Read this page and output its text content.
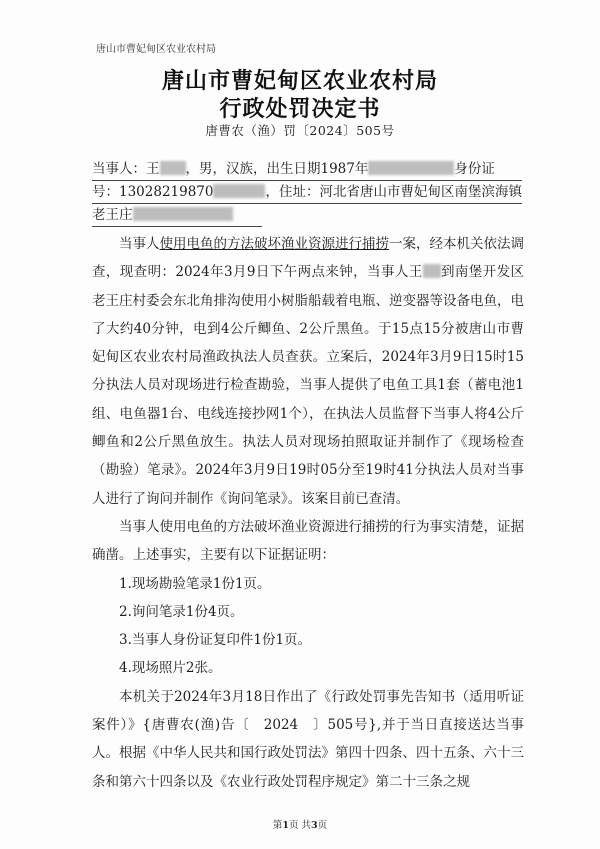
唐山市曹妃甸区农业农村局
唐山市曹妃甸区农业农村局
行政处罚决定书
唐曹农（渔）罚〔2024〕505号
当事人：王 ，男，汉族，出生日期1987年	身份证
号：13028219870	，住址：河北省唐山市曹妃甸区南堡滨海镇
老王庄

当事人使用电鱼的方法破坏渔业资源进行捕捞一案，经本机关依法调查，现查明：2024年3月9日下午两点来钟，当事人王 到南堡开发区老王庄村委会东北角排沟使用小树脂船载着电瓶、逆变器等设备电鱼，电了大约40分钟，电到4公斤鲫鱼、2公斤黑鱼。于15点15分被唐山市曹妃甸区农业农村局渔政执法人员查获。立案后，2024年3月9日15时15分执法人员对现场进行检查勘验，当事人提供了电鱼工具1套（蓄电池1组、电鱼器1台、电线连接抄网1个），在执法人员监督下当事人将4公斤鲫鱼和2公斤黑鱼放生。执法人员对现场拍照取证并制作了《现场检查（勘验）笔录》。2024年3月9日19时05分至19时41分执法人员对当事人进行了询问并制作《询问笔录》。该案目前已查清。

当事人使用电鱼的方法破坏渔业资源进行捕捞的行为事实清楚，证据确凿。上述事实，主要有以下证据证明：

1.现场勘验笔录1份1页。

2.询问笔录1份4页。

3.当事人身份证复印件1份1页。

4.现场照片2张。

本机关于2024年3月18日作出了《行政处罚事先告知书（适用听证案件）》{唐曹农(渔)告〔　2024　〕505号},并于当日直接送达当事人。根据《中华人民共和国行政处罚法》第四十四条、四十五条、六十三条和第六十四条以及《农业行政处罚程序规定》第二十三条之规

第1页 共3页
